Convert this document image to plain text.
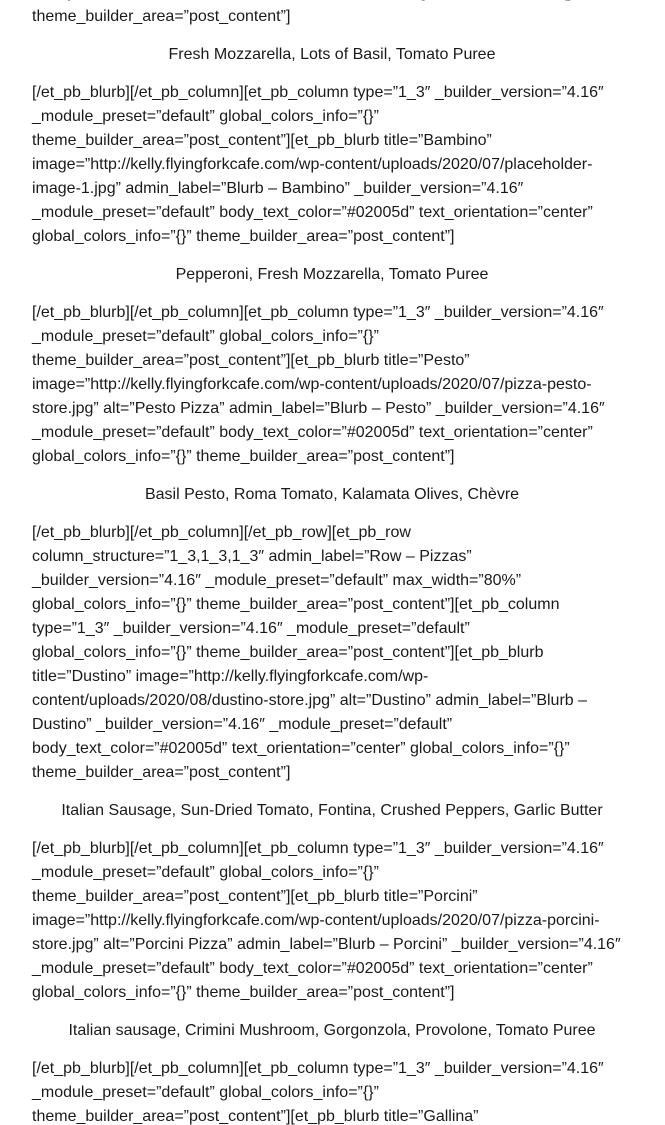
theme_builder_area=”post_content”]

Fresh Mozzarella, Lots of Basil, Tomato Puree

[/et_pb_blurb][/et_pb_column][et_pb_column type=”1_3″ _builder_version=”4.16″ _module_preset=”default” global_colors_info=”{}” theme_builder_area=”post_content”][et_pb_blurb title=”Bambino” image=”http://kelly.flyingforkcafe.com/wp-content/uploads/2020/07/placeholder-image-1.jpg” admin_label=”Blurb – Bambino” _builder_version=”4.16″ _module_preset=”default” body_text_color=”#02005d” text_orientation=”center” global_colors_info=”{}” theme_builder_area=”post_content”]

Pepperoni, Fresh Mozzarella, Tomato Puree

[/et_pb_blurb][/et_pb_column][et_pb_column type=”1_3″ _builder_version=”4.16″ _module_preset=”default” global_colors_info=”{}” theme_builder_area=”post_content”][et_pb_blurb title=”Pesto” image=”http://kelly.flyingforkcafe.com/wp-content/uploads/2020/07/pizza-pesto-store.jpg” alt=”Pesto Pizza” admin_label=”Blurb – Pesto” _builder_version=”4.16″ _module_preset=”default” body_text_color=”#02005d” text_orientation=”center” global_colors_info=”{}” theme_builder_area=”post_content”]

Basil Pesto, Roma Tomato, Kalamata Olives, Chèvre

[/et_pb_blurb][/et_pb_column][/et_pb_row][et_pb_row column_structure=”1_3,1_3,1_3″ admin_label=”Row – Pizzas” _builder_version=”4.16″ _module_preset=”default” max_width=”80%” global_colors_info=”{}” theme_builder_area=”post_content”][et_pb_column type=”1_3″ _builder_version=”4.16″ _module_preset=”default” global_colors_info=”{}” theme_builder_area=”post_content”][et_pb_blurb title=”Dustino” image=”http://kelly.flyingforkcafe.com/wp-content/uploads/2020/08/dustino-store.jpg” alt=”Dustino” admin_label=”Blurb – Dustino” _builder_version=”4.16″ _module_preset=”default” body_text_color=”#02005d” text_orientation=”center” global_colors_info=”{}” theme_builder_area=”post_content”]

Italian Sausage, Sun-Dried Tomato, Fontina, Crushed Peppers, Garlic Butter

[/et_pb_blurb][/et_pb_column][et_pb_column type=”1_3″ _builder_version=”4.16″ _module_preset=”default” global_colors_info=”{}” theme_builder_area=”post_content”][et_pb_blurb title=”Porcini” image=”http://kelly.flyingforkcafe.com/wp-content/uploads/2020/07/pizza-porcini-store.jpg” alt=”Porcini Pizza” admin_label=”Blurb – Porcini” _builder_version=”4.16″ _module_preset=”default” body_text_color=”#02005d” text_orientation=”center” global_colors_info=”{}” theme_builder_area=”post_content”]

Italian sausage, Crimini Mushroom, Gorgonzola, Provolone, Tomato Puree

[/et_pb_blurb][/et_pb_column][et_pb_column type=”1_3″ _builder_version=”4.16″ _module_preset=”default” global_colors_info=”{}” theme_builder_area=”post_content”][et_pb_blurb title=”Gallina”
